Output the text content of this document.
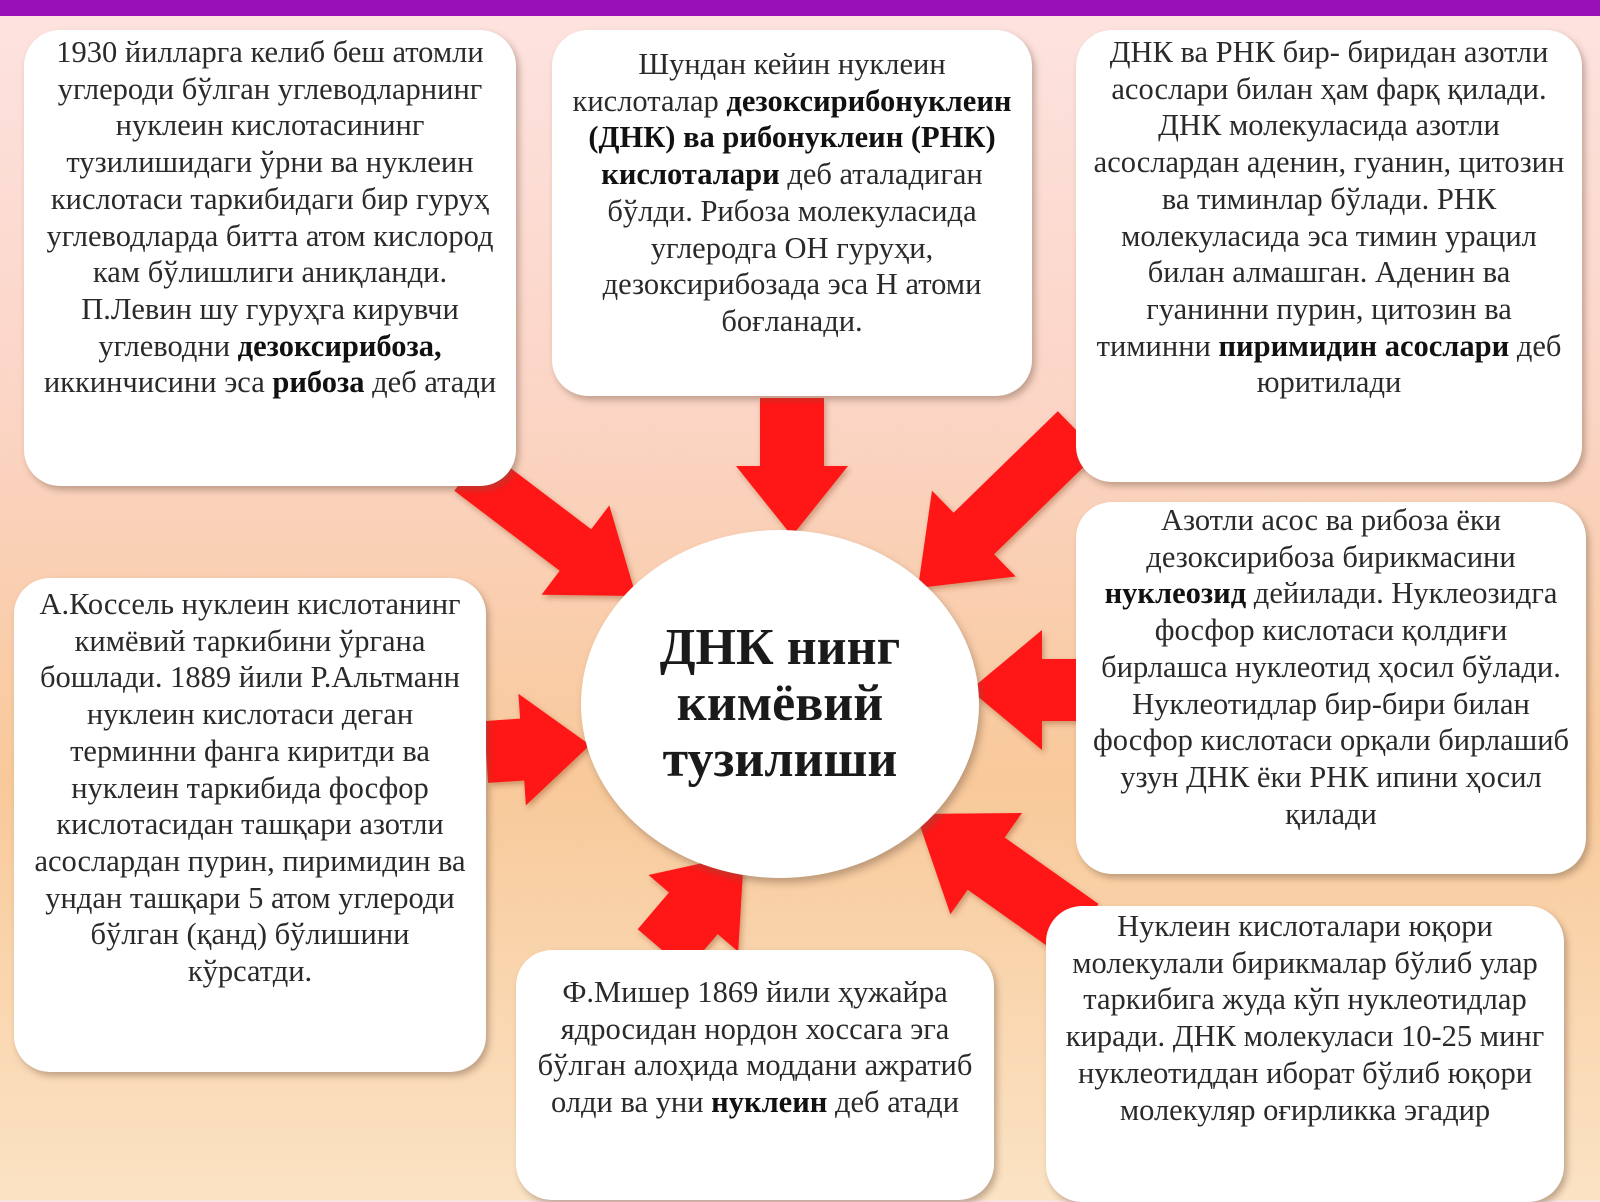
1930 йилларга келиб беш атомли углероди бўлган углеводларнинг нуклеин кислотасининг тузилишидаги ўрни ва нуклеин кислотаси таркибидаги бир гуруҳ углеводларда битта атом кислород кам бўлишлиги аниқланди. П.Левин шу гуруҳга кирувчи углеводни дезоксирибоза, иккинчисини эса рибоза деб атади

Шундан кейин нуклеин кислоталар дезоксирибонуклеин (ДНК) ва рибонуклеин (РНК) кислоталари деб аталадиган бўлди. Рибоза молекуласида углеродга ОН гуруҳи, дезоксирибозада эса Н атоми боғланади.

ДНК ва РНК бир- биридан азотли асослари билан ҳам фарқ қилади. ДНК молекуласида азотли асослардан аденин, гуанин, цитозин ва тиминлар бўлади. РНК молекуласида эса тимин урацил билан алмашган. Аденин ва гуанинни пурин, цитозин ва тиминни пиримидин асослари деб юритилади

Азотли асос ва рибоза ёки дезоксирибоза бирикмасини нуклеозид дейилади. Нуклеозидга фосфор кислотаси қолдиғи бирлашса нуклеотид ҳосил бўлади. Нуклеотидлар бир-бири билан фосфор кислотаси орқали бирлашиб узун ДНК ёки РНК ипини ҳосил қилади

Нуклеин кислоталари юқори молекулали бирикмалар бўлиб улар таркибига жуда кўп нуклеотидлар киради. ДНК молекуласи 10-25 минг нуклеотиддан иборат бўлиб юқори молекуляр оғирликка эгадир

Ф.Мишер 1869 йили ҳужайра ядросидан нордон хоссага эга бўлган алоҳида моддани ажратиб олди ва уни нуклеин деб атади

А.Коссель нуклеин кислотанинг кимёвий таркибини ўргана бошлади. 1889 йили Р.Альтманн нуклеин кислотаси деган терминни фанга киритди ва нуклеин таркибида фосфор кислотасидан ташқари азотли асослардан пурин, пиримидин ва ундан ташқари 5 атом углероди бўлган (қанд) бўлишини кўрсатди.

ДНК нинг кимёвий тузилиши
